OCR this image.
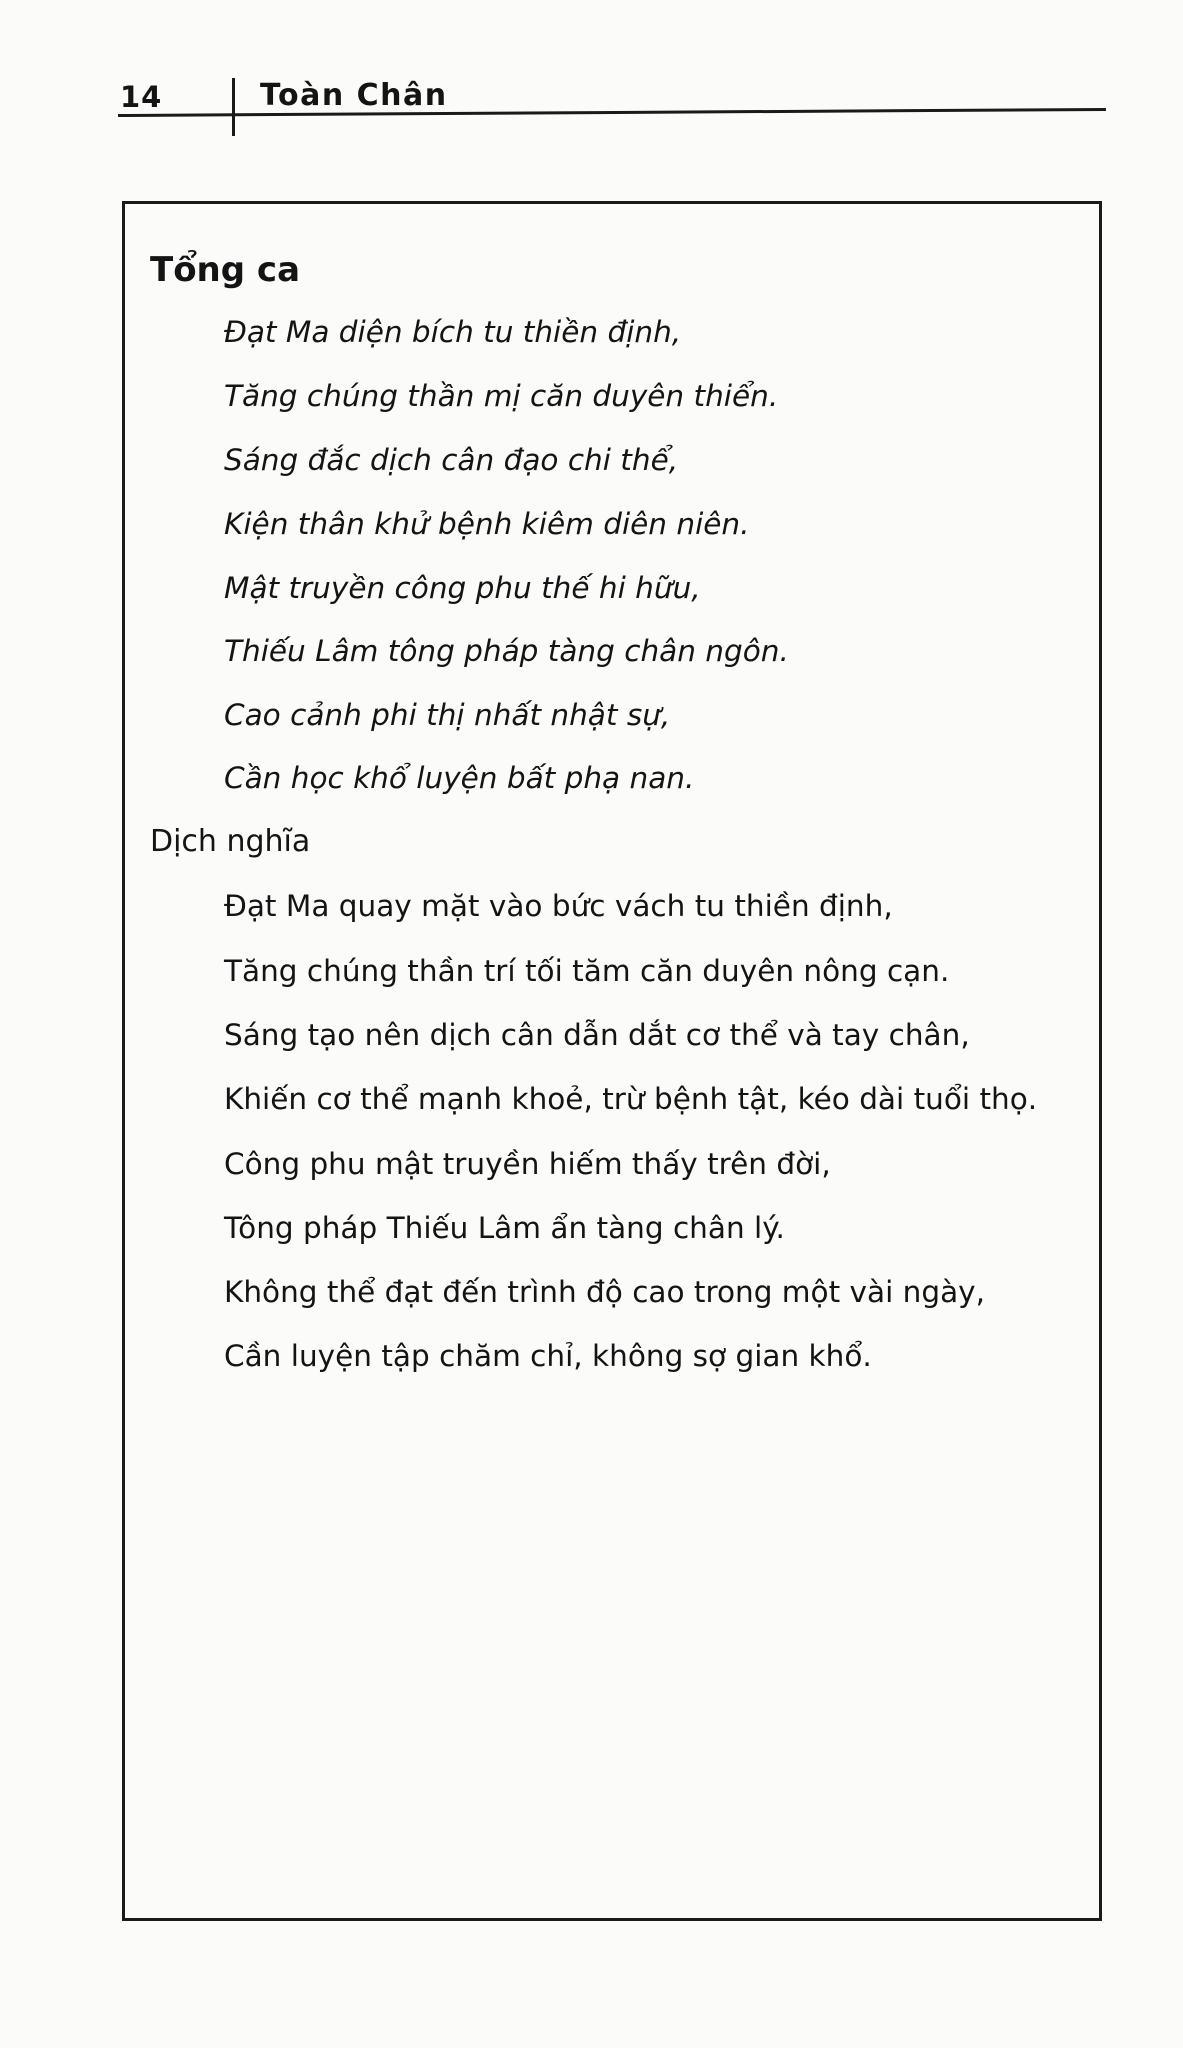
14	Toàn Chân
Tổng ca
Đạt Ma diện bích tu thiền định,
Tăng chúng thần mị căn duyên thiển.
Sáng đắc dịch cân đạo chi thể,
Kiện thân khử bệnh kiêm diên niên.
Mật truyền công phu thế hi hữu,
Thiếu Lâm tông pháp tàng chân ngôn.
Cao cảnh phi thị nhất nhật sự,
Cần học khổ luyện bất phạ nan.
Dịch nghĩa
Đạt Ma quay mặt vào bức vách tu thiền định,
Tăng chúng thần trí tối tăm căn duyên nông cạn.
Sáng tạo nên dịch cân dẫn dắt cơ thể và tay chân,
Khiến cơ thể mạnh khoẻ, trừ bệnh tật, kéo dài tuổi thọ.
Công phu mật truyền hiếm thấy trên đời,
Tông pháp Thiếu Lâm ẩn tàng chân lý.
Không thể đạt đến trình độ cao trong một vài ngày,
Cần luyện tập chăm chỉ, không sợ gian khổ.
